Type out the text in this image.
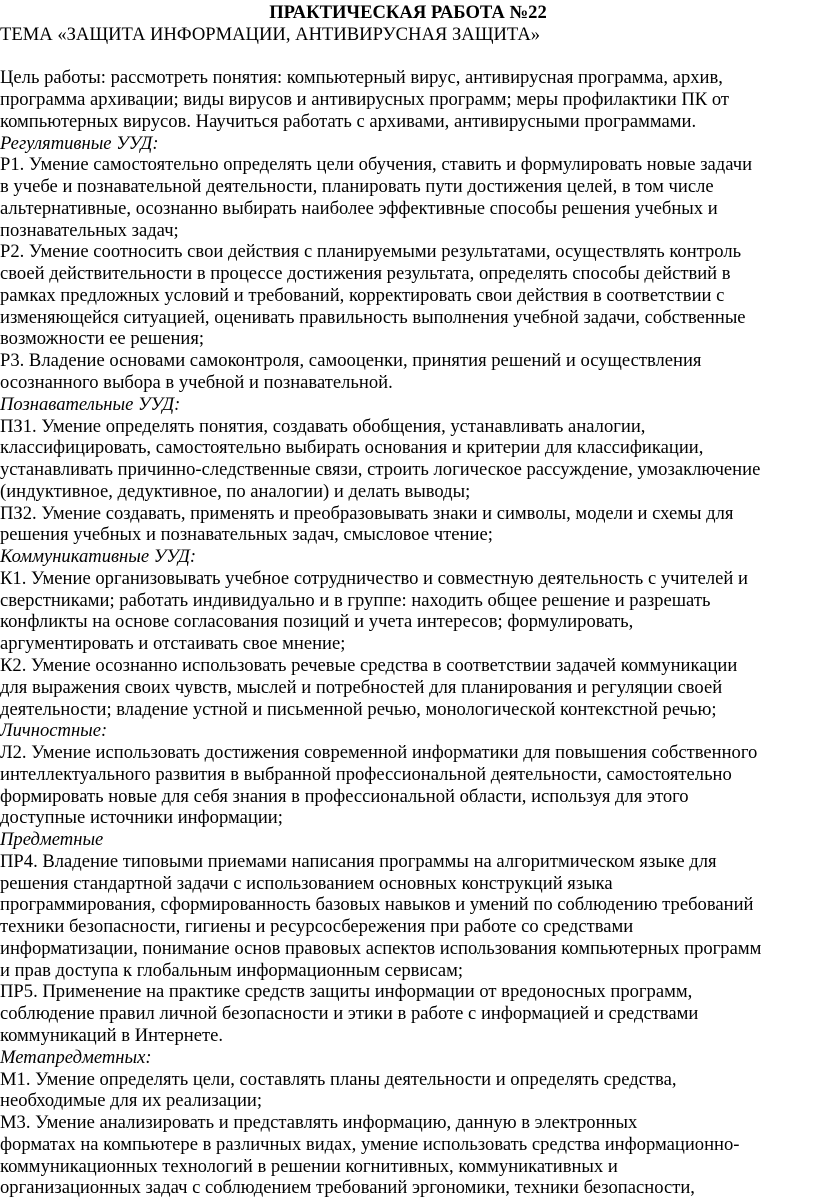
ПРАКТИЧЕСКАЯ РАБОТА №22
ТЕМА «ЗАЩИТА ИНФОРМАЦИИ, АНТИВИРУСНАЯ ЗАЩИТА»
Цель работы: рассмотреть понятия: компьютерный вирус, антивирусная программа, архив,
программа архивации; виды вирусов и антивирусных программ; меры профилактики ПК от
компьютерных вирусов. Научиться работать с архивами, антивирусными программами.
Регулятивные УУД:
Р1. Умение самостоятельно определять цели обучения, ставить и формулировать новые задачи
в учебе и познавательной деятельности, планировать пути достижения целей, в том числе
альтернативные, осознанно выбирать наиболее эффективные способы решения учебных и
познавательных задач;
Р2. Умение соотносить свои действия с планируемыми результатами, осуществлять контроль
своей действительности в процессе достижения результата, определять способы действий в
рамках предложных условий и требований, корректировать свои действия в соответствии с
изменяющейся ситуацией, оценивать правильность выполнения учебной задачи, собственные
возможности ее решения;
Р3. Владение основами самоконтроля, самооценки, принятия решений и осуществления
осознанного выбора в учебной и познавательной.
Познавательные УУД:
ПЗ1. Умение определять понятия, создавать обобщения, устанавливать аналогии,
классифицировать, самостоятельно выбирать основания и критерии для классификации,
устанавливать причинно-следственные связи, строить логическое рассуждение, умозаключение
(индуктивное, дедуктивное, по аналогии) и делать выводы;
ПЗ2. Умение создавать, применять и преобразовывать знаки и символы, модели и схемы для
решения учебных и познавательных задач, смысловое чтение;
Коммуникативные УУД:
К1. Умение организовывать учебное сотрудничество и совместную деятельность с учителей и
сверстниками; работать индивидуально и в группе: находить общее решение и разрешать
конфликты на основе согласования позиций и учета интересов; формулировать,
аргументировать и отстаивать свое мнение;
К2. Умение осознанно использовать речевые средства в соответствии задачей коммуникации
для выражения своих чувств, мыслей и потребностей для планирования и регуляции своей
деятельности; владение устной и письменной речью, монологической контекстной речью;
Личностные:
Л2. Умение использовать достижения современной информатики для повышения собственного
интеллектуального развития в выбранной профессиональной деятельности, самостоятельно
формировать новые для себя знания в профессиональной области, используя для этого
доступные источники информации;
Предметные
ПР4. Владение типовыми приемами написания программы на алгоритмическом языке для
решения стандартной задачи с использованием основных конструкций языка
программирования, сформированность базовых навыков и умений по соблюдению требований
техники безопасности, гигиены и ресурсосбережения при работе со средствами
информатизации, понимание основ правовых аспектов использования компьютерных программ
и прав доступа к глобальным информационным сервисам;
ПР5. Применение на практике средств защиты информации от вредоносных программ,
соблюдение правил личной безопасности и этики в работе с информацией и средствами
коммуникаций в Интернете.
Метапредметных:
М1. Умение определять цели, составлять планы деятельности и определять средства,
необходимые для их реализации;
М3. Умение анализировать и представлять информацию, данную в электронных
форматах на компьютере в различных видах, умение использовать средства информационно-
коммуникационных технологий в решении когнитивных, коммуникативных и
организационных задач с соблюдением требований эргономики, техники безопасности,
